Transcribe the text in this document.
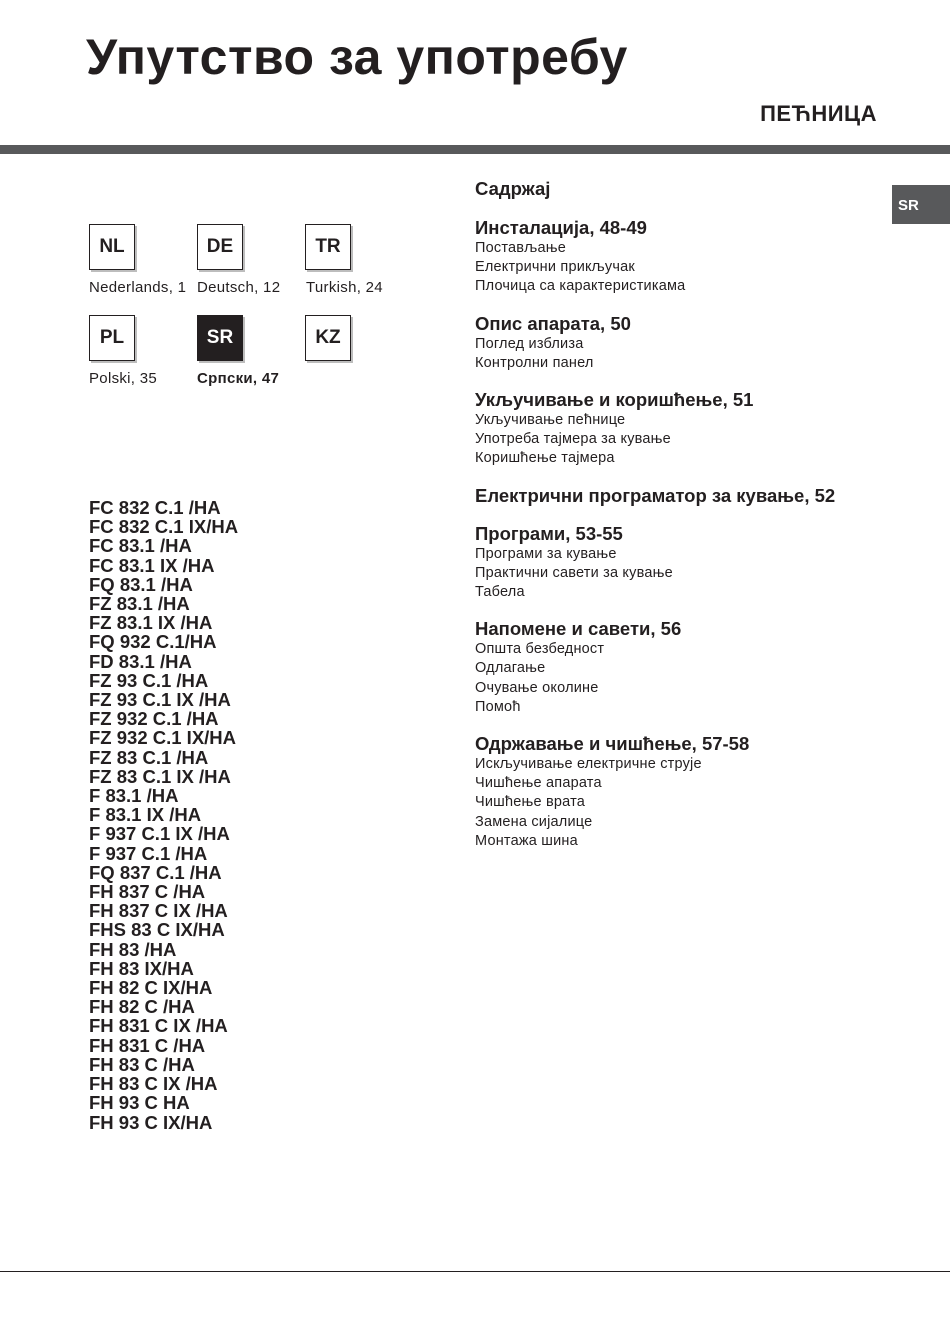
Упутство за употребу
ПЕЋНИЦА
SR
NL
Nederlands, 1
DE
Deutsch, 12
TR
Turkish, 24
PL
Polski, 35
SR
Српски, 47
KZ
FC 832 C.1 /HA
FC 832 C.1 IX/HA
FC 83.1 /HA
FC 83.1 IX /HA
FQ 83.1 /HA
FZ 83.1 /HA
FZ 83.1 IX /HA
FQ 932 C.1/HA
FD 83.1 /HA
FZ 93 C.1 /HA
FZ 93 C.1 IX /HA
FZ 932 C.1 /HA
FZ 932 C.1 IX/HA
FZ 83 C.1 /HA
FZ 83 C.1 IX /HA
F 83.1 /HA
F 83.1 IX /HA
F 937 C.1 IX /HA
F 937 C.1 /HA
FQ 837 C.1 /HA
FH 837 C /HA
FH 837 C IX /HA
FHS 83 C IX/HA
FH 83 /HA
FH 83 IX/HA
FH 82 C IX/HA
FH 82 C /HA
FH 831 C IX /HA
FH 831 C /HA
FH 83 C /HA
FH 83 C IX /HA
FH 93 C HA
FH 93 C IX/HA
Садржај
Инсталација, 48-49
Постављање
Електрични прикључак
Плочица са карактеристикама
Опис апарата, 50
Поглед изблиза
Контролни панел
Укључивање и коришћење, 51
Укључивање пећнице
Употреба тајмера за кување
Коришћење тајмера
Електрични програматор за кување, 52
Програми, 53-55
Програми за кување
Практични савети за кување
Табела
Напомене и савети, 56
Општа безбедност
Одлагање
Очување околине
Помоћ
Одржавање и чишћење, 57-58
Искључивање електричне струје
Чишћење апарата
Чишћење врата
Замена сијалице
Монтажа шина
